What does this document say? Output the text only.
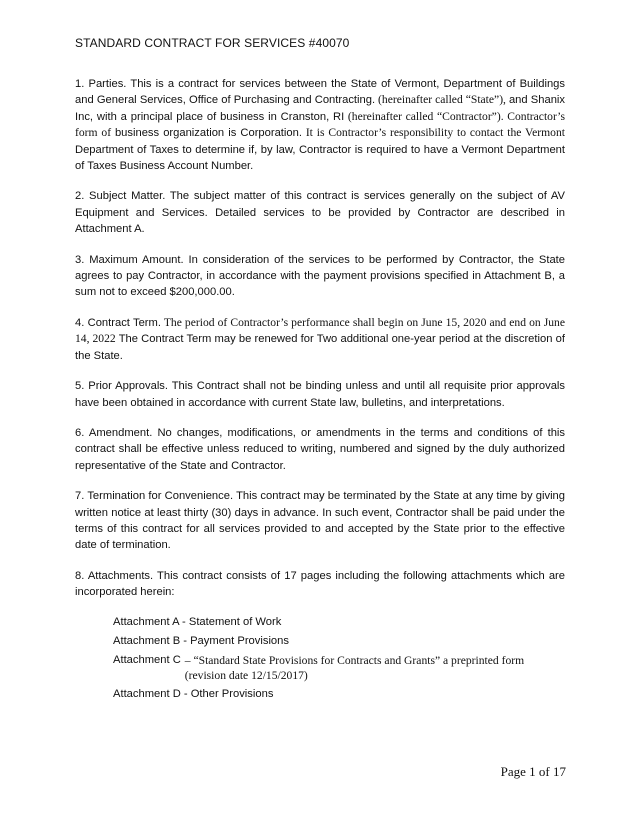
STANDARD CONTRACT FOR SERVICES #40070

1. Parties. This is a contract for services between the State of Vermont, Department of Buildings and General Services, Office of Purchasing and Contracting. (hereinafter called “State”), and Shanix Inc, with a principal place of business in Cranston, RI (hereinafter called “Contractor”). Contractor’s form of business organization is Corporation. It is Contractor’s responsibility to contact the Vermont Department of Taxes to determine if, by law, Contractor is required to have a Vermont Department of Taxes Business Account Number.

2. Subject Matter. The subject matter of this contract is services generally on the subject of AV Equipment and Services. Detailed services to be provided by Contractor are described in Attachment A.

3. Maximum Amount. In consideration of the services to be performed by Contractor, the State agrees to pay Contractor, in accordance with the payment provisions specified in Attachment B, a sum not to exceed $200,000.00.

4. Contract Term. The period of Contractor’s performance shall begin on June 15, 2020 and end on June 14, 2022 The Contract Term may be renewed for Two additional one-year period at the discretion of the State.

5. Prior Approvals. This Contract shall not be binding unless and until all requisite prior approvals have been obtained in accordance with current State law, bulletins, and interpretations.

6. Amendment. No changes, modifications, or amendments in the terms and conditions of this contract shall be effective unless reduced to writing, numbered and signed by the duly authorized representative of the State and Contractor.

7. Termination for Convenience. This contract may be terminated by the State at any time by giving written notice at least thirty (30) days in advance. In such event, Contractor shall be paid under the terms of this contract for all services provided to and accepted by the State prior to the effective date of termination.

8. Attachments. This contract consists of 17 pages including the following attachments which are incorporated herein:

Attachment A - Statement of Work
Attachment B - Payment Provisions
Attachment C – “Standard State Provisions for Contracts and Grants” a preprinted form (revision date 12/15/2017)
Attachment D - Other Provisions
Page 1 of 17
